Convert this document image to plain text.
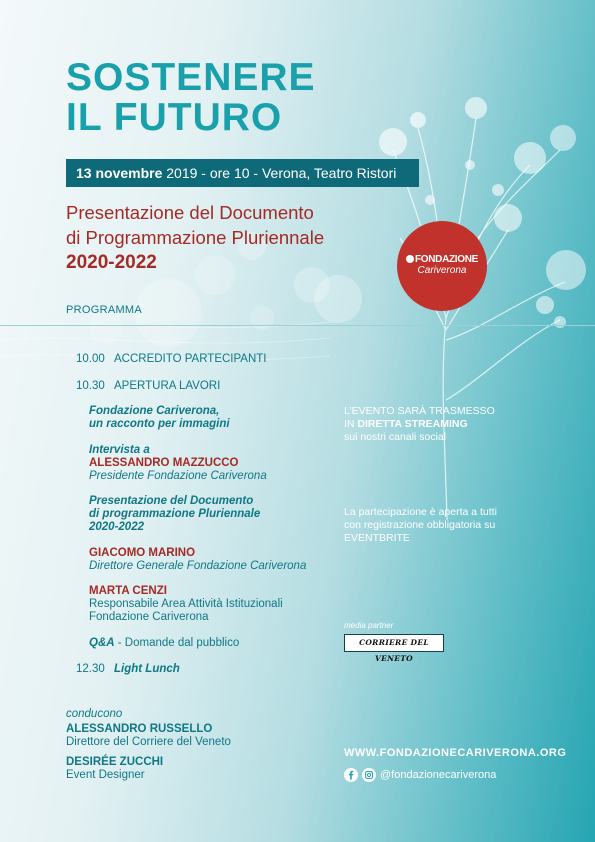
SOSTENERE
IL FUTURO
13 novembre 2019 - ore 10 - Verona, Teatro Ristori
Presentazione del Documento
di Programmazione Pluriennale
2020-2022	FONDAZIONE
Cariverona
PROGRAMMA
10.00 ACCREDITO PARTECIPANTI
10.30 APERTURA LAVORI
Fondazione Cariverona,
un racconto per immagini
Intervista a
ALESSANDRO MAZZUCCO
Presidente Fondazione Cariverona
Presentazione del Documento
di programmazione Pluriennale
2020-2022
GIACOMO MARINO
Direttore Generale Fondazione Cariverona
MARTA CENZI
Responsabile Area Attività Istituzionali
Fondazione Cariverona
Q&A - Domande dal pubblico
12.30 Light Lunch
conducono
ALESSANDRO RUSSELLO
Direttore del Corriere del Veneto
DESIRÉE ZUCCHI
Event Designer
L’EVENTO SARÀ TRASMESSO
IN DIRETTA STREAMING
sui nostri canali social
La partecipazione è aperta a tutti
con registrazione obbligatoria su
EVENTBRITE
media partner
CORRIERE DEL VENETO
WWW.FONDAZIONECARIVERONA.ORG
@fondazionecariverona
